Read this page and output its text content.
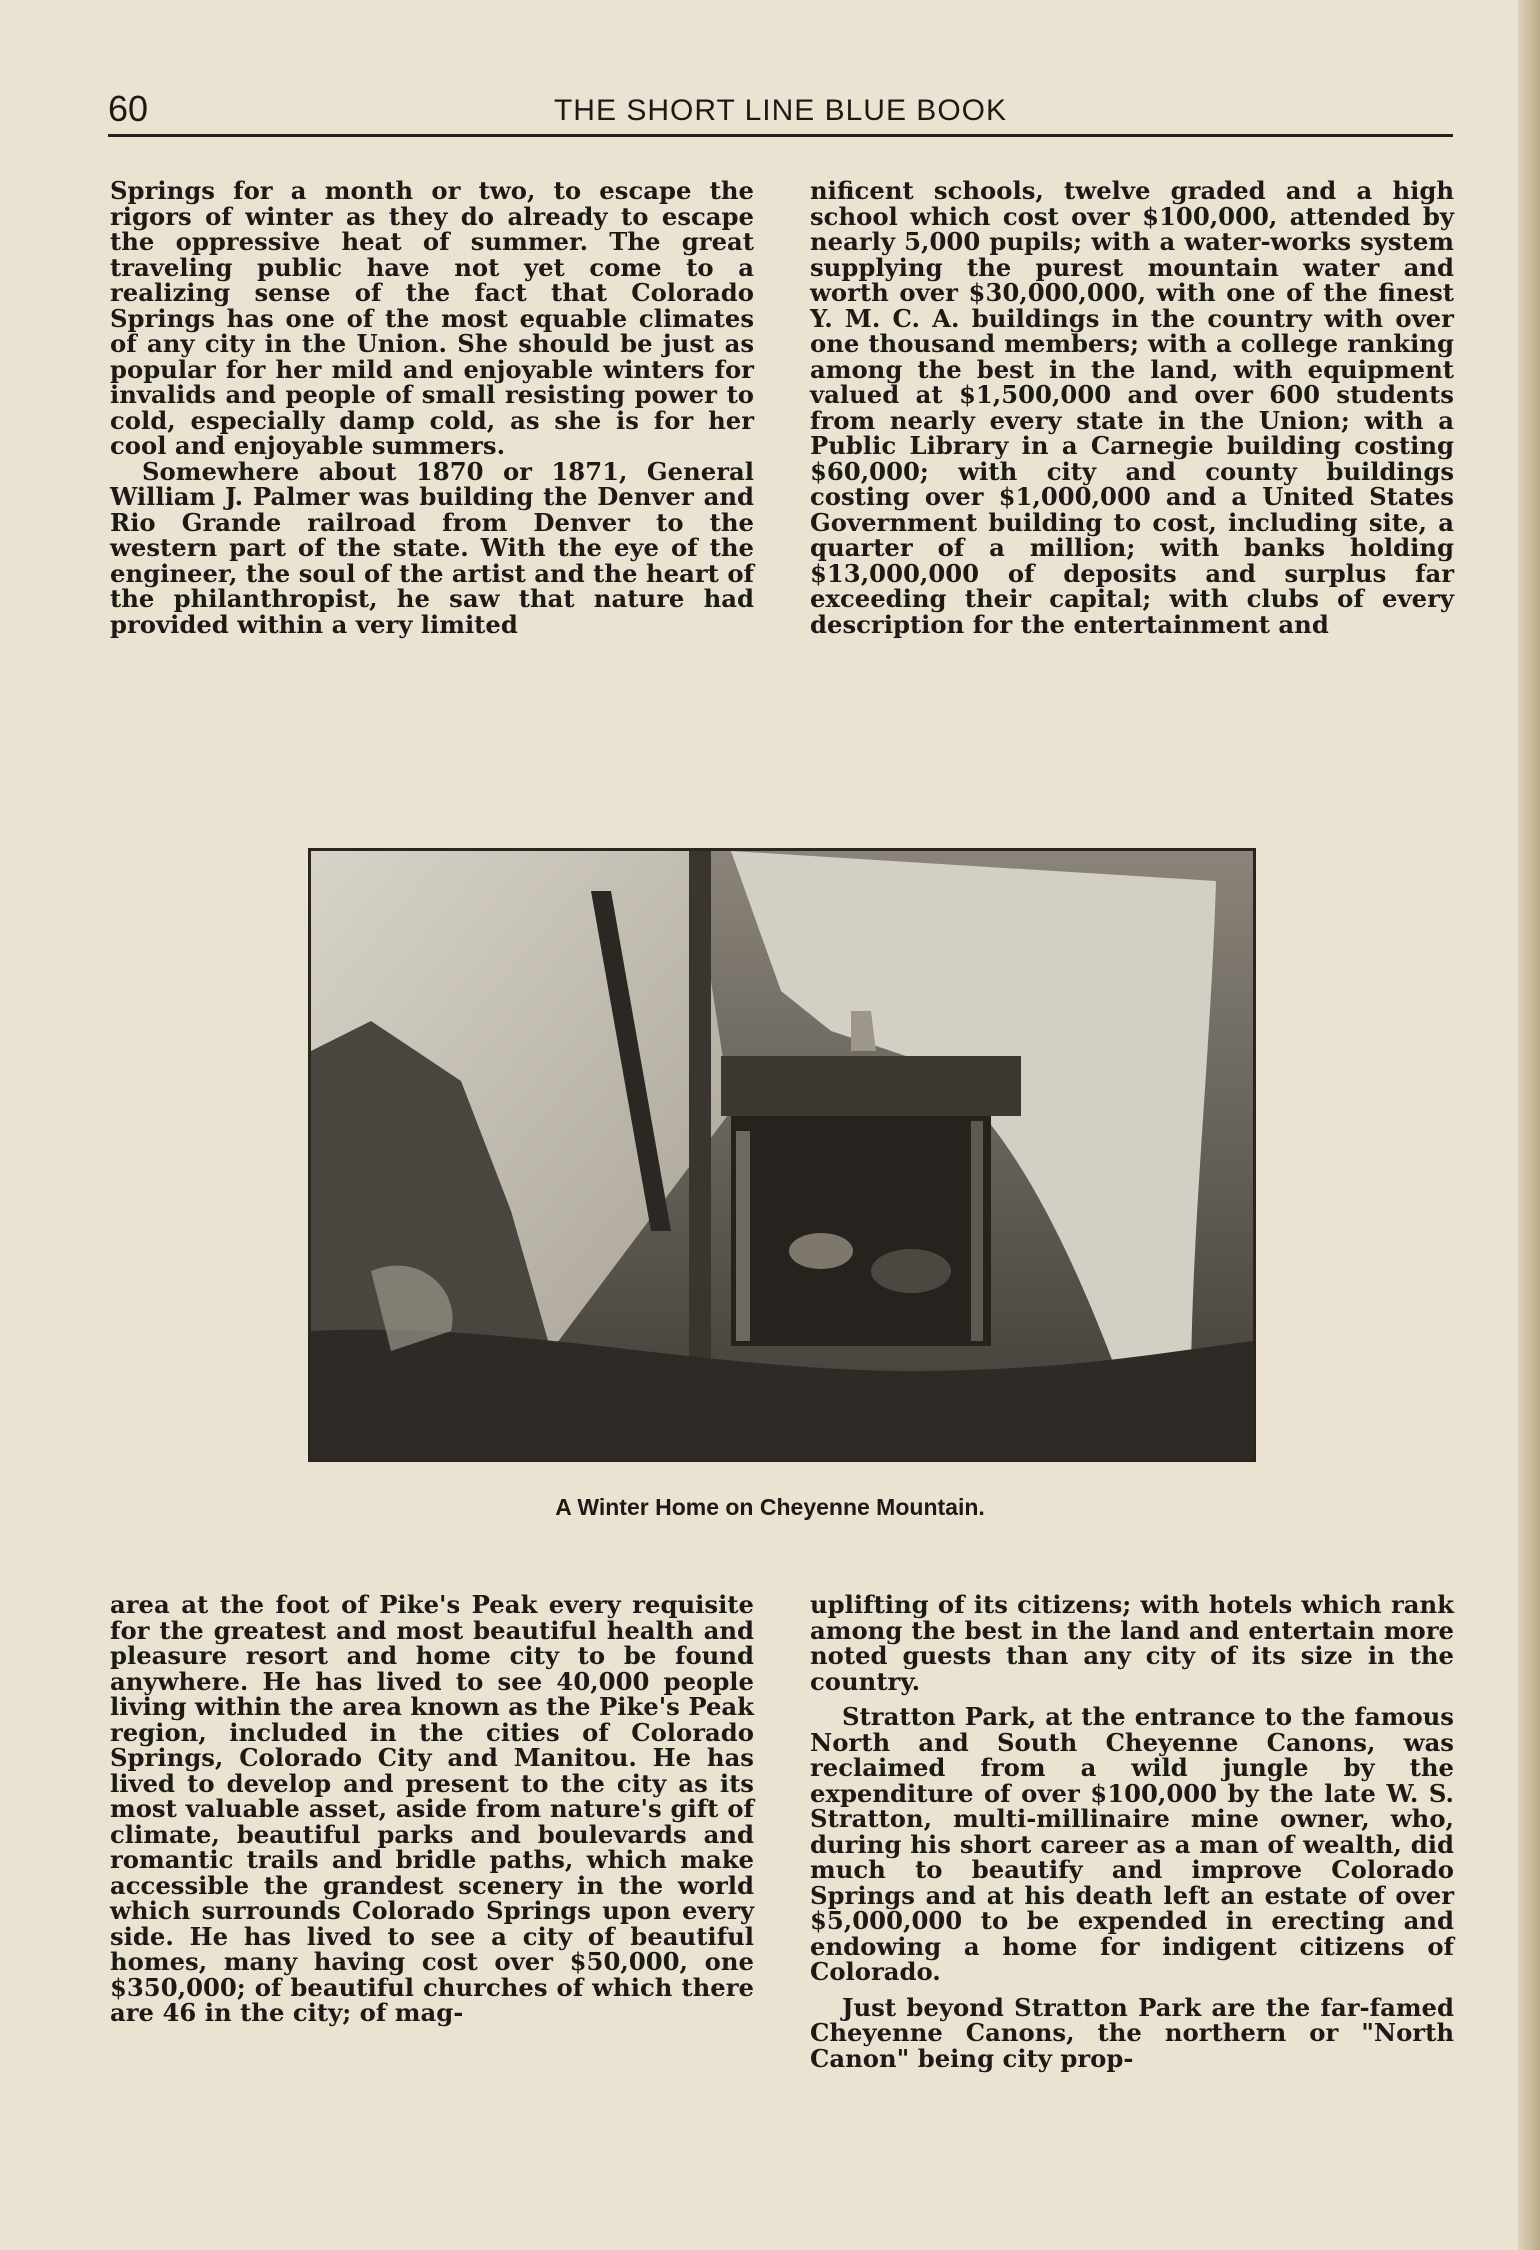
60	THE SHORT LINE BLUE BOOK

Springs for a month or two, to escape the rigors of winter as they do already to escape the oppressive heat of summer. The great traveling public have not yet come to a realizing sense of the fact that Colorado Springs has one of the most equable climates of any city in the Union. She should be just as popular for her mild and enjoyable winters for invalids and people of small resisting power to cold, especially damp cold, as she is for her cool and enjoyable summers.

Somewhere about 1870 or 1871, General William J. Palmer was building the Denver and Rio Grande railroad from Denver to the western part of the state. With the eye of the engineer, the soul of the artist and the heart of the philanthropist, he saw that nature had provided within a very limited

nificent schools, twelve graded and a high school which cost over $100,000, attended by nearly 5,000 pupils; with a water-works system supplying the purest mountain water and worth over $30,000,000, with one of the finest Y. M. C. A. buildings in the country with over one thousand members; with a college ranking among the best in the land, with equipment valued at $1,500,000 and over 600 students from nearly every state in the Union; with a Public Library in a Carnegie building costing $60,000; with city and county buildings costing over $1,000,000 and a United States Government building to cost, including site, a quarter of a million; with banks holding $13,000,000 of deposits and surplus far exceeding their capital; with clubs of every description for the entertainment and

A Winter Home on Cheyenne Mountain.

area at the foot of Pike's Peak every requisite for the greatest and most beautiful health and pleasure resort and home city to be found anywhere. He has lived to see 40,000 people living within the area known as the Pike's Peak region, included in the cities of Colorado Springs, Colorado City and Manitou. He has lived to develop and present to the city as its most valuable asset, aside from nature's gift of climate, beautiful parks and boulevards and romantic trails and bridle paths, which make accessible the grandest scenery in the world which surrounds Colorado Springs upon every side. He has lived to see a city of beautiful homes, many having cost over $50,000, one $350,000; of beautiful churches of which there are 46 in the city; of mag-

uplifting of its citizens; with hotels which rank among the best in the land and entertain more noted guests than any city of its size in the country.

Stratton Park, at the entrance to the famous North and South Cheyenne Canons, was reclaimed from a wild jungle by the expenditure of over $100,000 by the late W. S. Stratton, multi-millinaire mine owner, who, during his short career as a man of wealth, did much to beautify and improve Colorado Springs and at his death left an estate of over $5,000,000 to be expended in erecting and endowing a home for indigent citizens of Colorado.

Just beyond Stratton Park are the far-famed Cheyenne Canons, the northern or "North Canon" being city prop-
